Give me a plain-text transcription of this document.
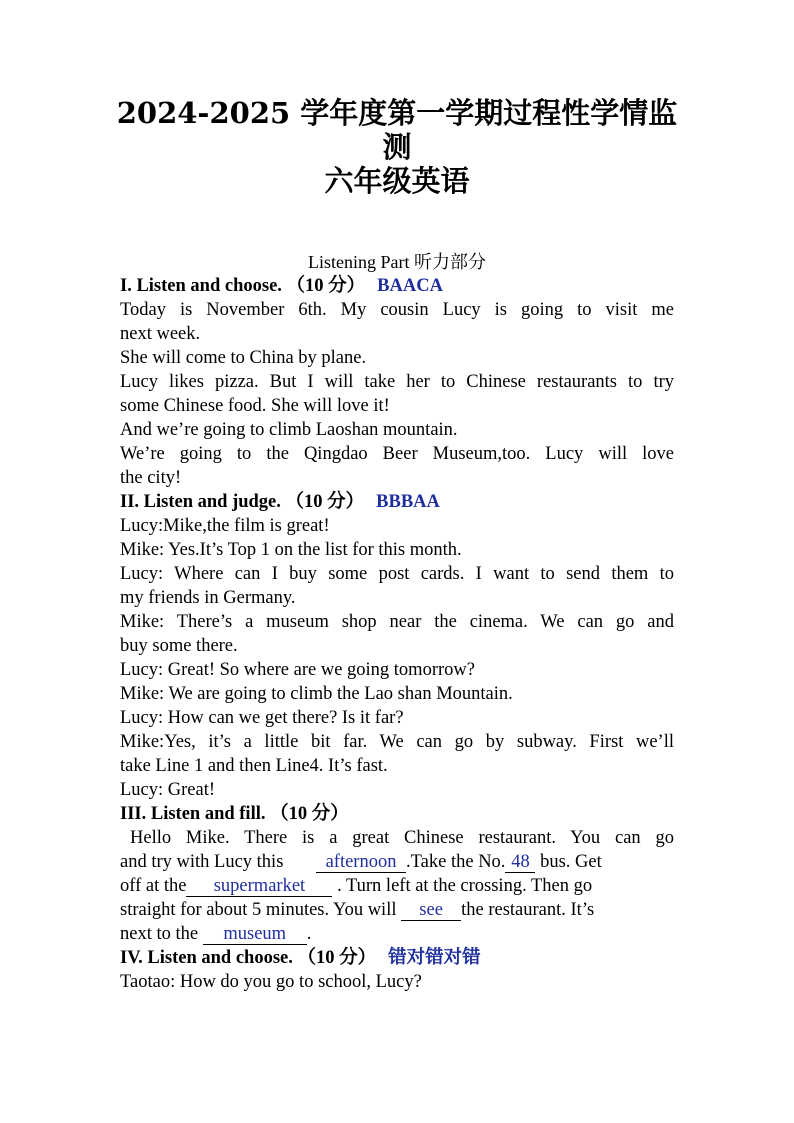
2024-2025 学年度第一学期过程性学情监
测
六年级英语
Listening Part 听力部分
I. Listen and choose. （10 分） BAACA
Today is November 6th. My cousin Lucy is going to visit me
next week.
She will come to China by plane.
Lucy likes pizza. But I will take her to Chinese restaurants to try
some Chinese food. She will love it!
And we’re going to climb Laoshan mountain.
We’re going to the Qingdao Beer Museum,too. Lucy will love
the city!
II. Listen and judge. （10 分） BBBAA
Lucy:Mike,the film is great!
Mike: Yes.It’s Top 1 on the list for this month.
Lucy: Where can I buy some post cards. I want to send them to
my friends in Germany.
Mike: There’s a museum shop near the cinema. We can go and
buy some there.
Lucy: Great! So where are we going tomorrow?
Mike: We are going to climb the Lao shan Mountain.
Lucy: How can we get there? Is it far?
Mike:Yes, it’s a little bit far. We can go by subway. First we’ll
take Line 1 and then Line4. It’s fast.
Lucy: Great!
III. Listen and fill. （10 分）
Hello Mike. There is a great Chinese restaurant. You can go
and try with Lucy this afternoon .Take the No. 48 bus. Get
off at the supermarket . Turn left at the crossing. Then go
straight for about 5 minutes. You will see the restaurant. It’s
next to the museum .
IV. Listen and choose. （10 分） 错对错对错
Taotao: How do you go to school, Lucy?
